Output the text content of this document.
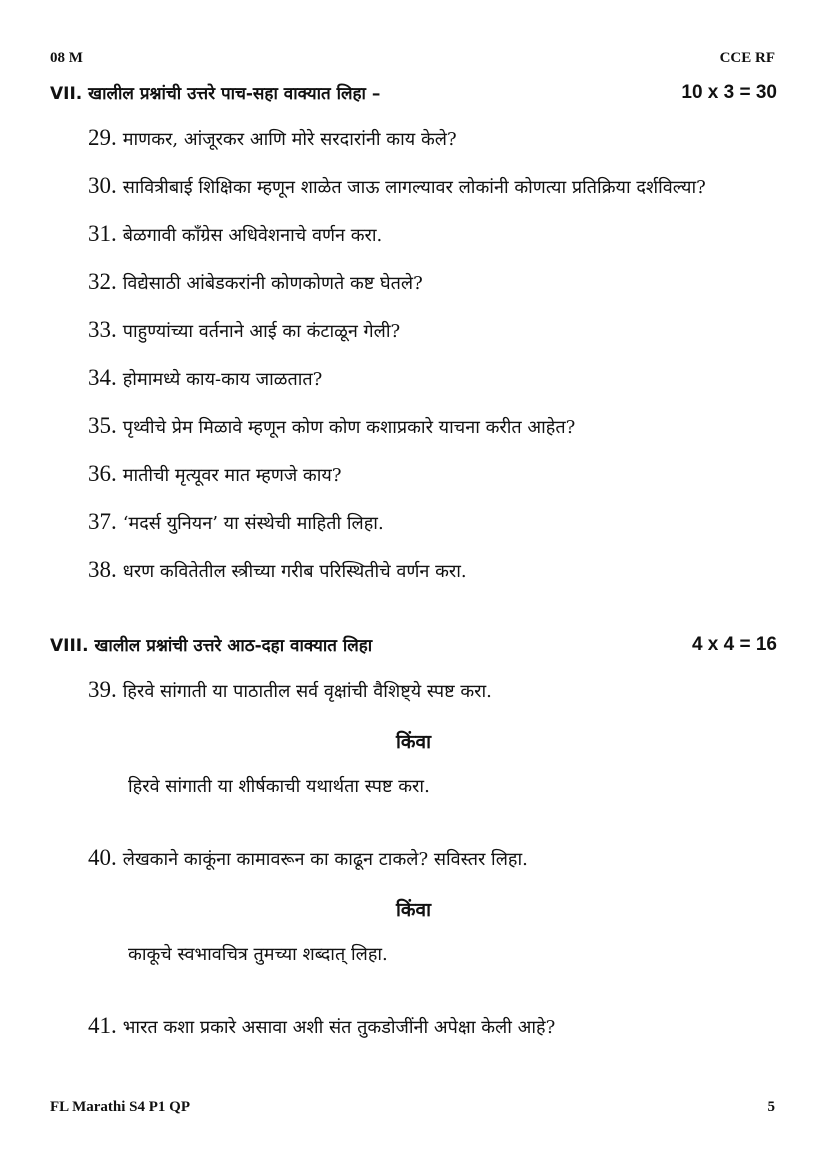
08 M	CCE RF
VII. खालील प्रश्नांची उत्तरे पाच-सहा वाक्यात लिहा –	10 x 3 = 30
29. माणकर, आंजूरकर आणि मोरे सरदारांनी काय केले?
30. सावित्रीबाई शिक्षिका म्हणून शाळेत जाऊ लागल्यावर लोकांनी कोणत्या प्रतिक्रिया दर्शविल्या?
31. बेळगावी कॉंग्रेस अधिवेशनाचे वर्णन करा.
32. विद्येसाठी आंबेडकरांनी कोणकोणते कष्ट घेतले?
33. पाहुण्यांच्या वर्तनाने आई का कंटाळून गेली?
34. होमामध्ये काय-काय जाळतात?
35. पृथ्वीचे प्रेम मिळावे म्हणून कोण कोण कशाप्रकारे याचना करीत आहेत?
36. मातीची मृत्यूवर मात म्हणजे काय?
37. ‘मदर्स युनियन’ या संस्थेची माहिती लिहा.
38. धरण कवितेतील स्त्रीच्या गरीब परिस्थितीचे वर्णन करा.
VIII. खालील प्रश्नांची उत्तरे आठ-दहा वाक्यात लिहा	4 x 4 = 16
39. हिरवे सांगाती या पाठातील सर्व वृक्षांची वैशिष्ट्ये स्पष्ट करा.
किंवा
हिरवे सांगाती या शीर्षकाची यथार्थता स्पष्ट करा.
40. लेखकाने काकूंना कामावरून का काढून टाकले? सविस्तर लिहा.
किंवा
काकूचे स्वभावचित्र तुमच्या शब्दात् लिहा.
41. भारत कशा प्रकारे असावा अशी संत तुकडोजींनी अपेक्षा केली आहे?
FL Marathi S4 P1 QP	5
